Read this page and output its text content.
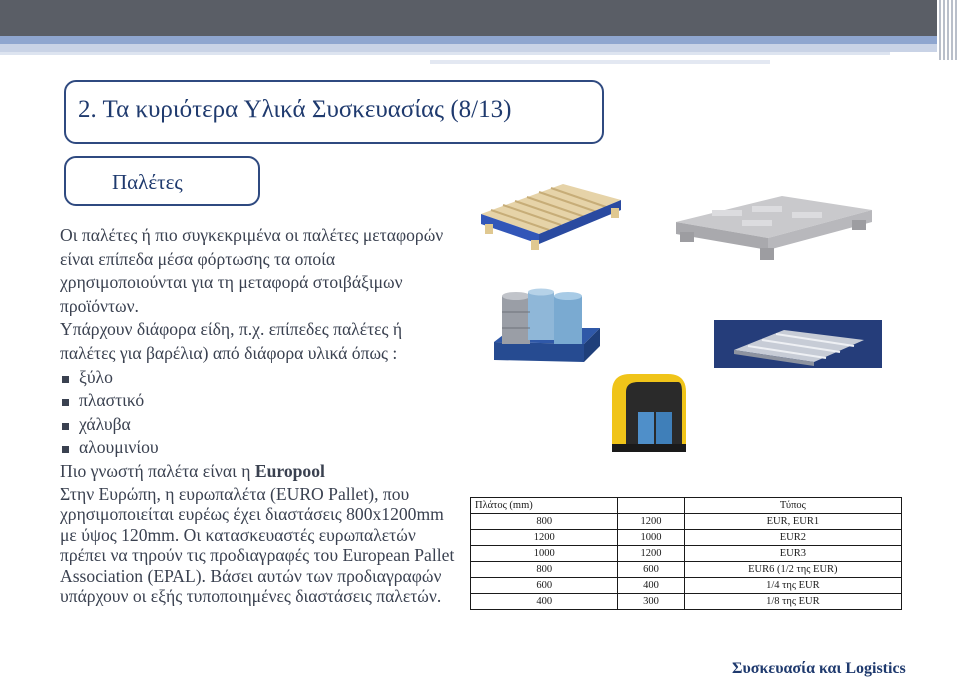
2. Τα κυριότερα Υλικά Συσκευασίας (8/13)
Παλέτες

Οι παλέτες ή πιο συγκεκριμένα οι παλέτες μεταφορών είναι επίπεδα μέσα φόρτωσης τα οποία χρησιμοποιούνται για τη μεταφορά στοιβάξιμων προϊόντων.

Υπάρχουν διάφορα είδη, π.χ. επίπεδες παλέτες ή παλέτες για βαρέλια) από διάφορα υλικά όπως :

ξύλο
πλαστικό
χάλυβα
αλουμινίου

Πιο γνωστή παλέτα είναι η Europool

Στην Ευρώπη, η ευρωπαλέτα (EURO Pallet), που χρησιμοποιείται ευρέως έχει διαστάσεις 800x1200mm με ύψος 120mm. Οι κατασκευαστές ευρωπαλετών πρέπει να τηρούν τις προδιαγραφές του European Pallet Association (EPAL). Βάσει αυτών των προδιαγραφών υπάρχουν οι εξής τυποποιημένες διαστάσεις παλετών.

Πλάτος (mm)		Τύπος
800	1200	EUR, EUR1
1200	1000	EUR2
1000	1200	EUR3
800	600	EUR6 (1/2 της EUR)
600	400	1/4 της EUR
400	300	1/8 της EUR
Συσκευασία και Logistics
